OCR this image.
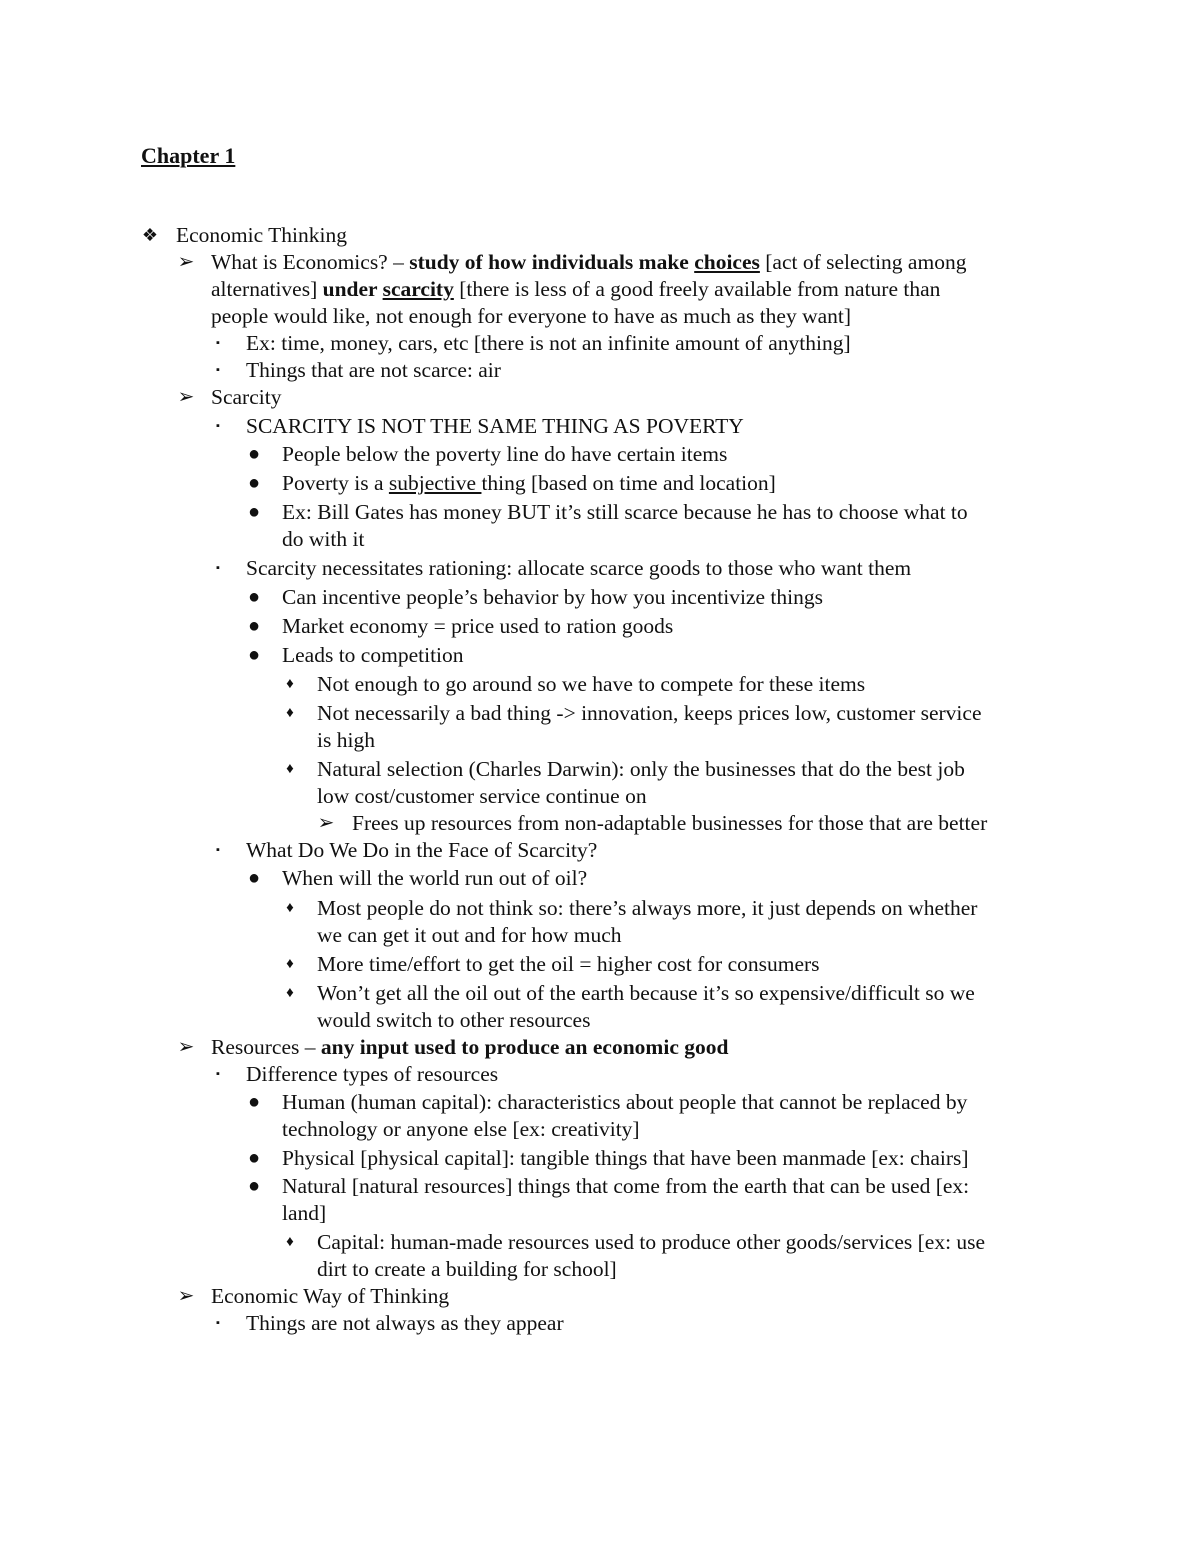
Chapter 1
❖ Economic Thinking
➢ What is Economics? – study of how individuals make choices [act of selecting among
alternatives] under scarcity [there is less of a good freely available from nature than
people would like, not enough for everyone to have as much as they want]
▪	Ex: time, money, cars, etc [there is not an infinite amount of anything]
▪	Things that are not scarce: air
➢ Scarcity
▪	SCARCITY IS NOT THE SAME THING AS POVERTY
● People below the poverty line do have certain items
● Poverty is a subjective thing [based on time and location]
● Ex: Bill Gates has money BUT it’s still scarce because he has to choose what to
do with it
▪	Scarcity necessitates rationing: allocate scarce goods to those who want them
● Can incentive people’s behavior by how you incentivize things
● Market economy = price used to ration goods
● Leads to competition
♦ Not enough to go around so we have to compete for these items
♦ Not necessarily a bad thing -> innovation, keeps prices low, customer service
is high
♦ Natural selection (Charles Darwin): only the businesses that do the best job
low cost/customer service continue on
➢ Frees up resources from non-adaptable businesses for those that are better
▪	What Do We Do in the Face of Scarcity?
● When will the world run out of oil?
♦ Most people do not think so: there’s always more, it just depends on whether
we can get it out and for how much
♦ More time/effort to get the oil = higher cost for consumers
♦ Won’t get all the oil out of the earth because it’s so expensive/difficult so we
would switch to other resources
➢ Resources – any input used to produce an economic good
▪	Difference types of resources
● Human (human capital): characteristics about people that cannot be replaced by
technology or anyone else [ex: creativity]
● Physical [physical capital]: tangible things that have been manmade [ex: chairs]
● Natural [natural resources] things that come from the earth that can be used [ex:
land]
♦ Capital: human-made resources used to produce other goods/services [ex: use
dirt to create a building for school]
➢ Economic Way of Thinking
▪	Things are not always as they appear
